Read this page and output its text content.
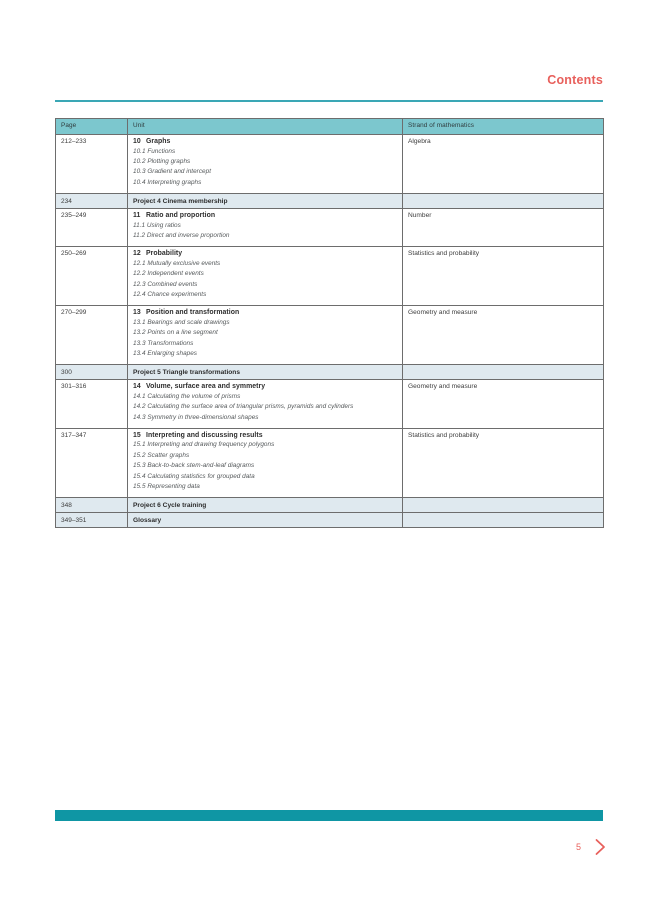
Contents
Page	Unit	Strand of mathematics
212–233	10 Graphs
10.1 Functions
10.2 Plotting graphs
10.3 Gradient and intercept
10.4 Interpreting graphs
	Algebra
234	Project 4 Cinema membership	

235–249	11 Ratio and proportion
11.1 Using ratios
11.2 Direct and inverse proportion
	Number
250–269	12 Probability
12.1 Mutually exclusive events
12.2 Independent events
12.3 Combined events
12.4 Chance experiments
	Statistics and probability
270–299	13 Position and transformation
13.1 Bearings and scale drawings
13.2 Points on a line segment
13.3 Transformations
13.4 Enlarging shapes
	Geometry and measure
300	Project 5 Triangle transformations	

301–316	14 Volume, surface area and symmetry
14.1 Calculating the volume of prisms
14.2 Calculating the surface area of triangular prisms, pyramids and cylinders
14.3 Symmetry in three-dimensional shapes
	Geometry and measure
317–347	15 Interpreting and discussing results
15.1 Interpreting and drawing frequency polygons
15.2 Scatter graphs
15.3 Back-to-back stem-and-leaf diagrams
15.4 Calculating statistics for grouped data
15.5 Representing data
	Statistics and probability
348	Project 6 Cycle training	

349–351	Glossary	

5
